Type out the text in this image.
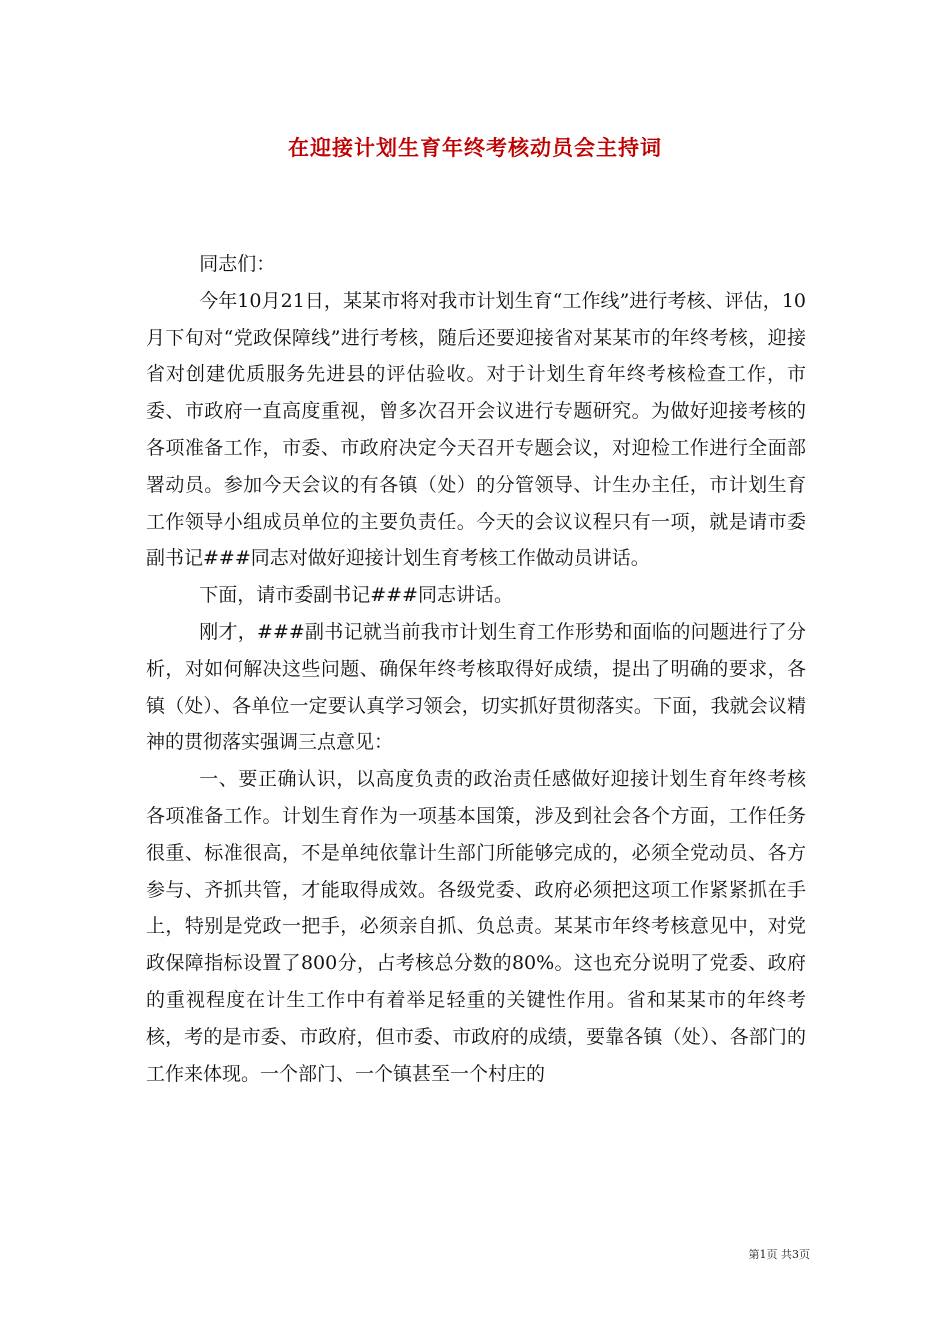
在迎接计划生育年终考核动员会主持词

同志们：

今年10月21日，某某市将对我市计划生育“工作线”进行考核、评估，10月下旬对“党政保障线”进行考核，随后还要迎接省对某某市的年终考核，迎接省对创建优质服务先进县的评估验收。对于计划生育年终考核检查工作，市委、市政府一直高度重视，曾多次召开会议进行专题研究。为做好迎接考核的各项准备工作，市委、市政府决定今天召开专题会议，对迎检工作进行全面部署动员。参加今天会议的有各镇（处）的分管领导、计生办主任，市计划生育工作领导小组成员单位的主要负责任。今天的会议议程只有一项，就是请市委副书记###同志对做好迎接计划生育考核工作做动员讲话。

下面，请市委副书记###同志讲话。

刚才，###副书记就当前我市计划生育工作形势和面临的问题进行了分析，对如何解决这些问题、确保年终考核取得好成绩，提出了明确的要求，各镇（处）、各单位一定要认真学习领会，切实抓好贯彻落实。下面，我就会议精神的贯彻落实强调三点意见：

一、要正确认识，以高度负责的政治责任感做好迎接计划生育年终考核各项准备工作。计划生育作为一项基本国策，涉及到社会各个方面，工作任务很重、标准很高，不是单纯依靠计生部门所能够完成的，必须全党动员、各方参与、齐抓共管，才能取得成效。各级党委、政府必须把这项工作紧紧抓在手上，特别是党政一把手，必须亲自抓、负总责。某某市年终考核意见中，对党政保障指标设置了800分，占考核总分数的80%。这也充分说明了党委、政府的重视程度在计生工作中有着举足轻重的关键性作用。省和某某市的年终考核，考的是市委、市政府，但市委、市政府的成绩，要靠各镇（处）、各部门的工作来体现。一个部门、一个镇甚至一个村庄的

第1页 共3页
